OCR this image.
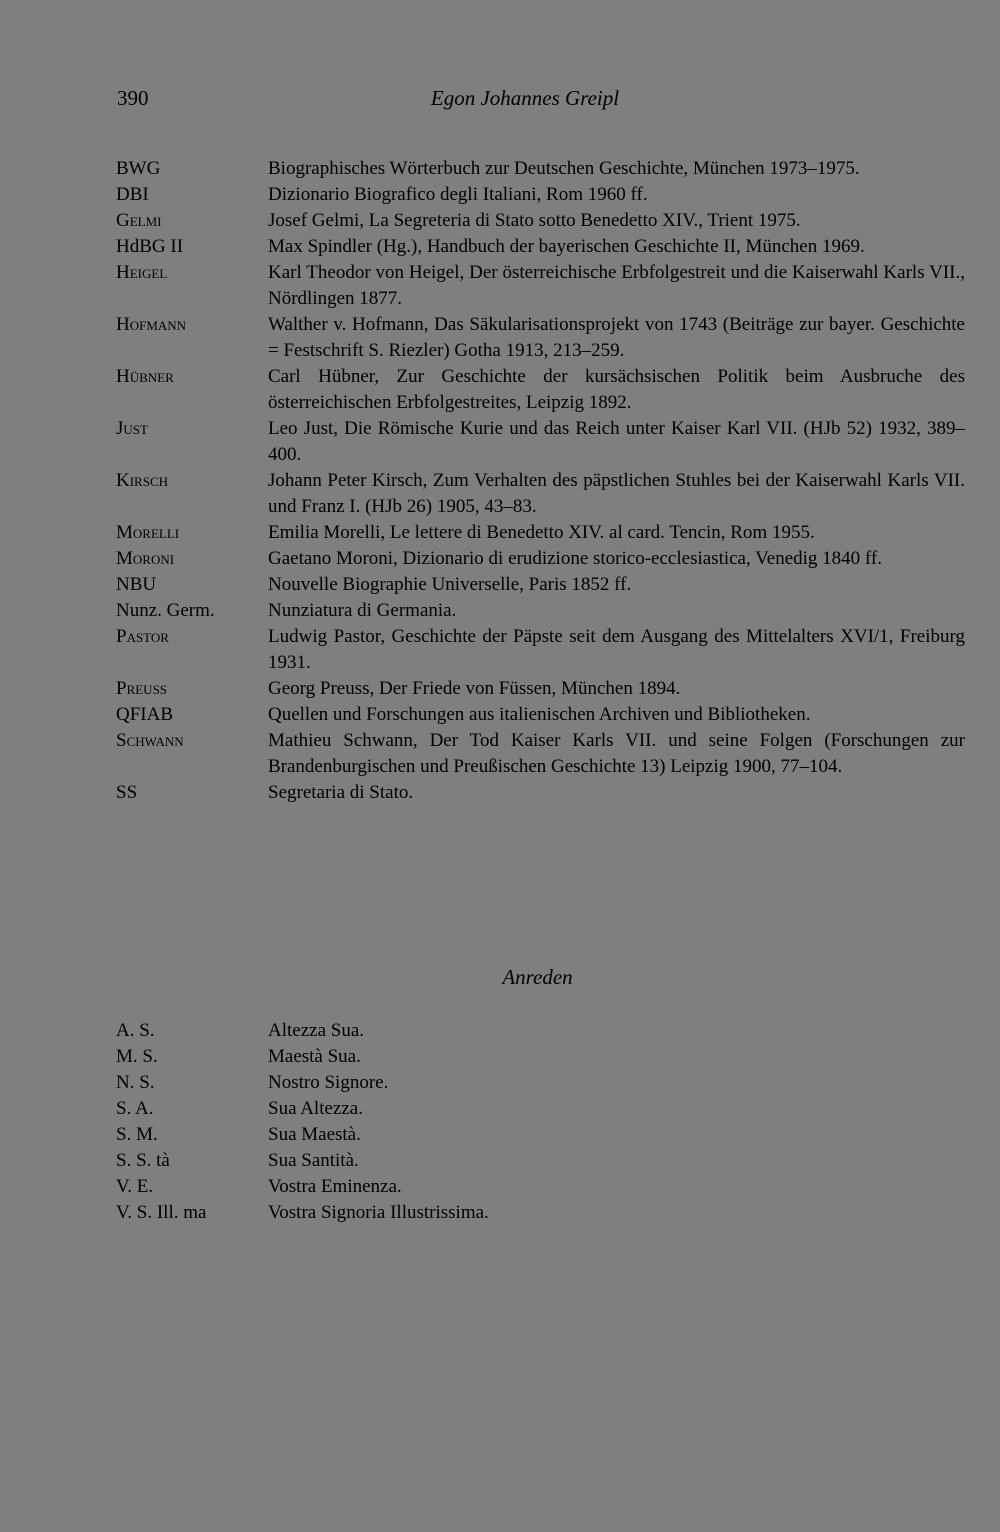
390	Egon Johannes Greipl
BWG	Biographisches Wörterbuch zur Deutschen Geschichte, München 1973–1975.
DBI	Dizionario Biografico degli Italiani, Rom 1960 ff.
Gelmi	Josef Gelmi, La Segreteria di Stato sotto Benedetto XIV., Trient 1975.
HdBG II	Max Spindler (Hg.), Handbuch der bayerischen Geschichte II, München 1969.
Heigel	Karl Theodor von Heigel, Der österreichische Erbfolgestreit und die Kaiserwahl Karls VII., Nördlingen 1877.
Hofmann	Walther v. Hofmann, Das Säkularisationsprojekt von 1743 (Beiträge zur bayer. Geschichte = Festschrift S. Riezler) Gotha 1913, 213–259.
Hübner	Carl Hübner, Zur Geschichte der kursächsischen Politik beim Ausbruche des österreichischen Erbfolgestreites, Leipzig 1892.
Just	Leo Just, Die Römische Kurie und das Reich unter Kaiser Karl VII. (HJb 52) 1932, 389–400.
Kirsch	Johann Peter Kirsch, Zum Verhalten des päpstlichen Stuhles bei der Kaiserwahl Karls VII. und Franz I. (HJb 26) 1905, 43–83.
Morelli	Emilia Morelli, Le lettere di Benedetto XIV. al card. Tencin, Rom 1955.
Moroni	Gaetano Moroni, Dizionario di erudizione storico-ecclesiastica, Venedig 1840 ff.
NBU	Nouvelle Biographie Universelle, Paris 1852 ff.
Nunz. Germ.	Nunziatura di Germania.
Pastor	Ludwig Pastor, Geschichte der Päpste seit dem Ausgang des Mittelalters XVI/1, Freiburg 1931.
Preuss	Georg Preuss, Der Friede von Füssen, München 1894.
QFIAB	Quellen und Forschungen aus italienischen Archiven und Bibliotheken.
Schwann	Mathieu Schwann, Der Tod Kaiser Karls VII. und seine Folgen (Forschungen zur Brandenburgischen und Preußischen Geschichte 13) Leipzig 1900, 77–104.
SS	Segretaria di Stato.
Anreden
A. S.	Altezza Sua.
M. S.	Maestà Sua.
N. S.	Nostro Signore.
S. A.	Sua Altezza.
S. M.	Sua Maestà.
S. S. tà	Sua Santità.
V. E.	Vostra Eminenza.
V. S. Ill. ma	Vostra Signoria Illustrissima.
